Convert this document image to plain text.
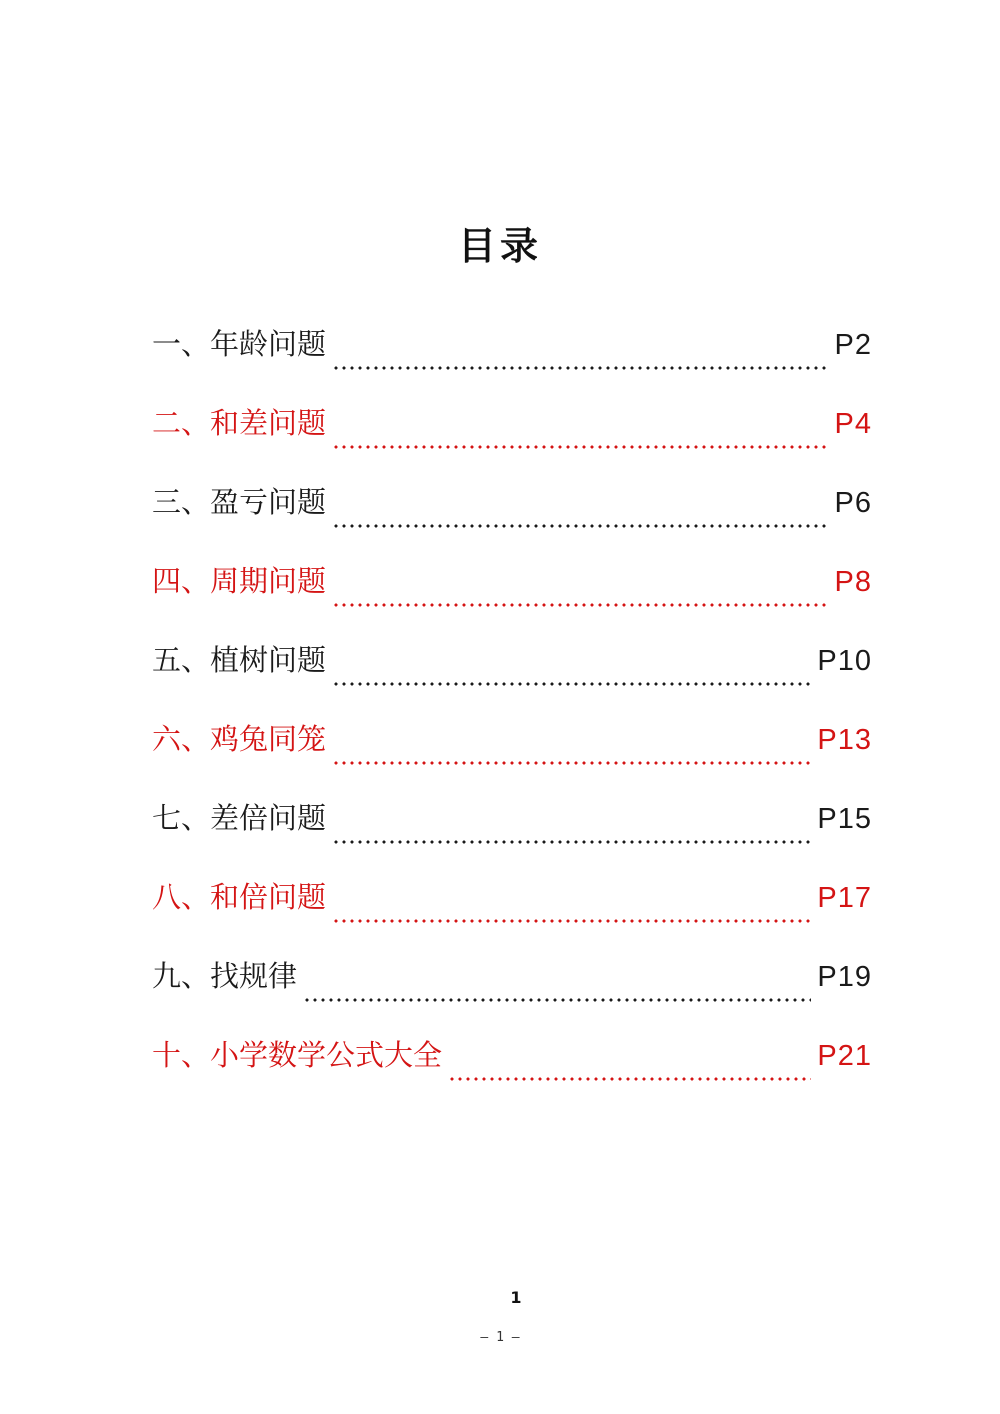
目录
一、 年龄问题	P2
二、 和差问题	P4
三、 盈亏问题	P6
四、 周期问题	P8
五、 植树问题	P10
六、 鸡兔同笼	P13
七、 差倍问题	P15
八、 和倍问题	P17
九、 找规律	P19
十、 小学数学公式大全	P21
1
– 1 –
